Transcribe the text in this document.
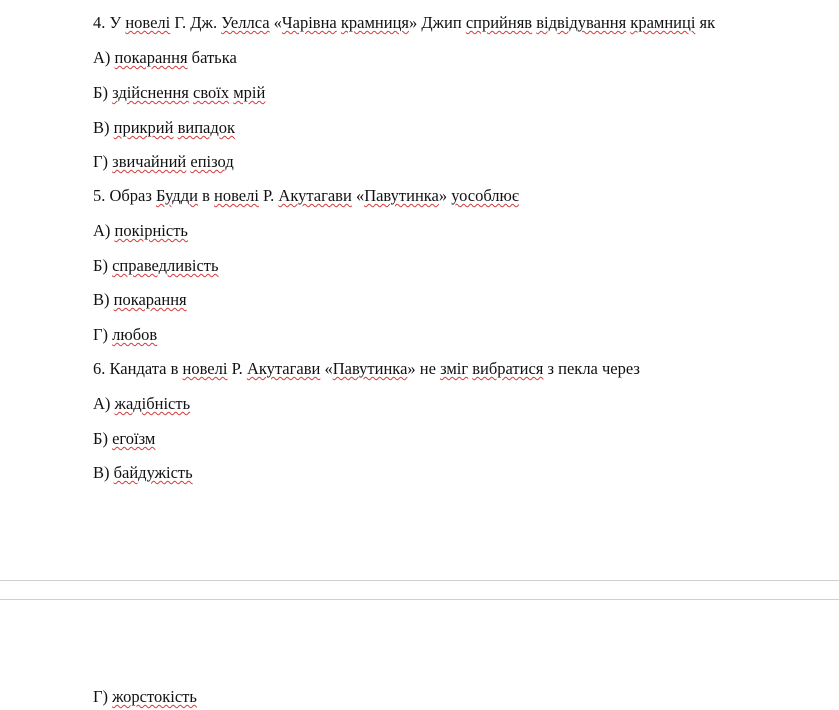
4. У новелі Г. Дж. Уеллса «Чарівна крамниця» Джип сприйняв відвідування крамниці як
А) покарання батька
Б) здійснення своїх мрій
В) прикрий випадок
Г) звичайний епізод
5. Образ Будди в новелі Р. Акутагави «Павутинка» уособлює
А) покірність
Б) справедливість
В) покарання
Г) любов
6. Кандата в новелі Р. Акутагави «Павутинка» не зміг вибратися з пекла через
А) жадібність
Б) егоїзм
В) байдужість
Г) жорстокість
